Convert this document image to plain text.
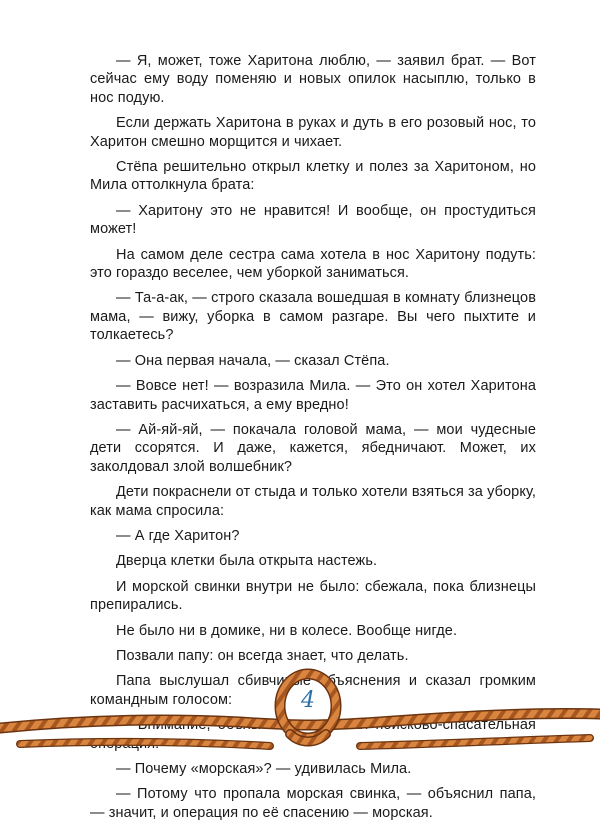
— Я, может, тоже Харитона люблю, — заявил брат. — Вот сейчас ему воду поменяю и новых опилок насыплю, только в нос подую.

Если держать Харитона в руках и дуть в его розовый нос, то Харитон смешно морщится и чихает.

Стёпа решительно открыл клетку и полез за Харитоном, но Мила оттолкнула брата:

— Харитону это не нравится! И вообще, он простудиться может!

На самом деле сестра сама хотела в нос Харитону подуть: это гораздо веселее, чем уборкой заниматься.

— Та-а-ак, — строго сказала вошедшая в комнату близнецов мама, — вижу, уборка в самом разгаре. Вы чего пыхтите и толкаетесь?

— Она первая начала, — сказал Стёпа.

— Вовсе нет! — возразила Мила. — Это он хотел Харитона заставить расчихаться, а ему вредно!

— Ай-яй-яй, — покачала головой мама, — мои чудесные дети ссорятся. И даже, кажется, ябедничают. Может, их заколдовал злой волшебник?

Дети покраснели от стыда и только хотели взяться за уборку, как мама спросила:

— А где Харитон?

Дверца клетки была открыта настежь.

И морской свинки внутри не было: сбежала, пока близнецы препирались.

Не было ни в домике, ни в колесе. Вообще нигде.

Позвали папу: он всегда знает, что делать.

Папа выслушал сбивчивые объяснения и сказал громким командным голосом:

— Внимание, объявляется морская поисково-спасательная операция!

— Почему «морская»? — удивилась Мила.

— Потому что пропала морская свинка, — объяснил папа, — значит, и операция по её спасению — морская.

4
